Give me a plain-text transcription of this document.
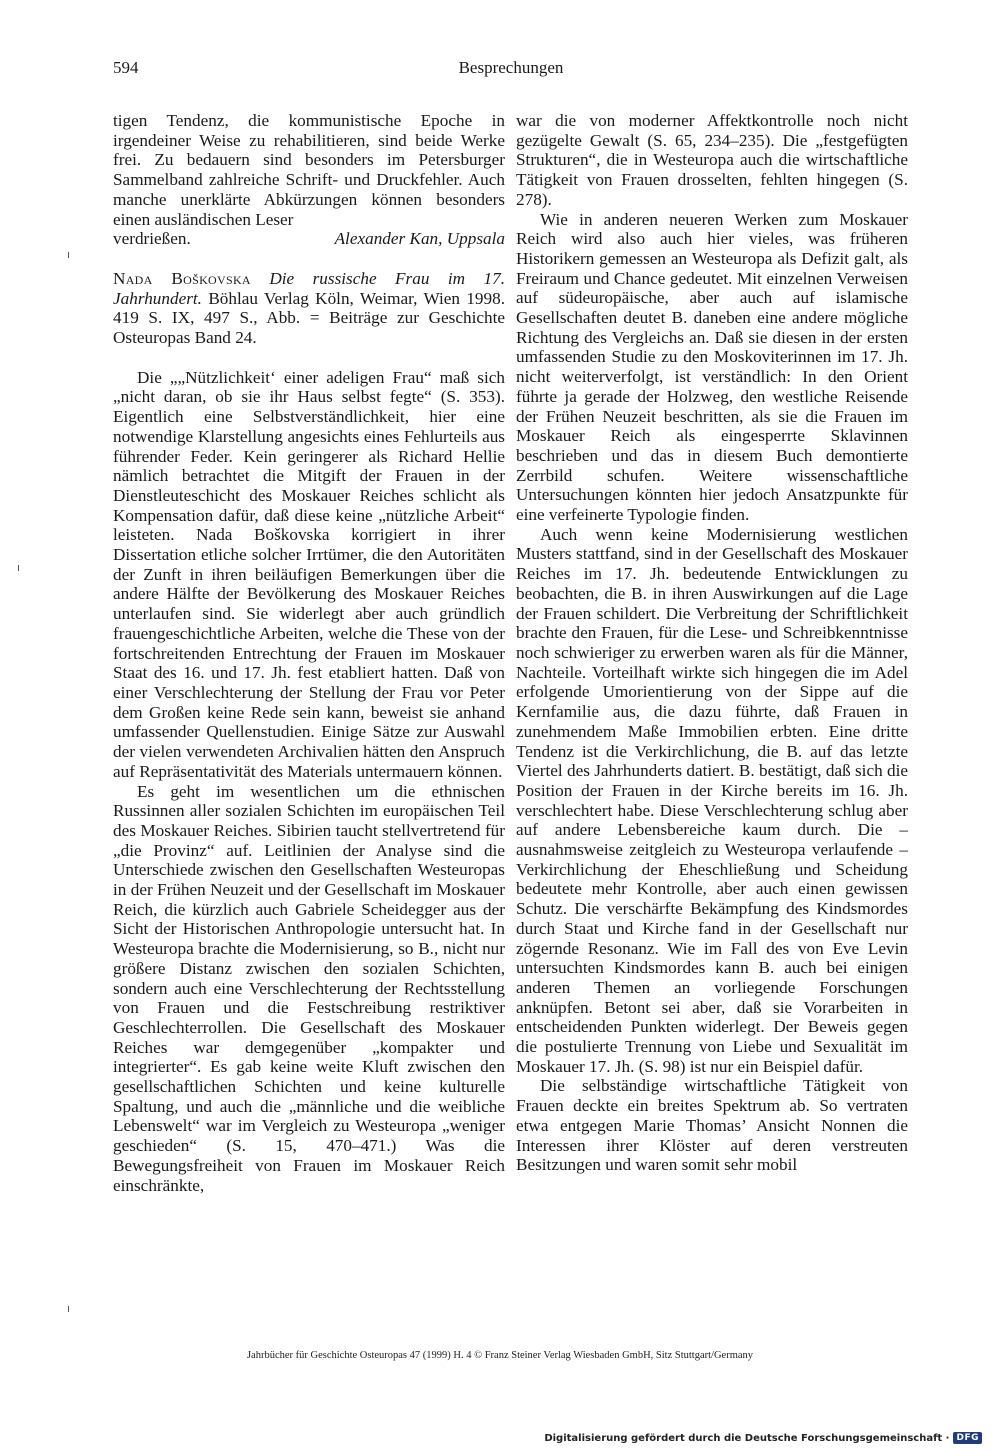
594	Besprechungen

tigen Tendenz, die kommunistische Epoche in irgendeiner Weise zu rehabilitieren, sind beide Werke frei. Zu bedauern sind besonders im Petersburger Sammelband zahlreiche Schrift- und Druckfehler. Auch manche unerklärte Abkürzungen können besonders einen ausländischen Leser

verdrießen.	Alexander Kan, Uppsala

Nada Boškovska Die russische Frau im 17. Jahrhundert. Böhlau Verlag Köln, Weimar, Wien 1998. 419 S. IX, 497 S., Abb. = Beiträge zur Geschichte Osteuropas Band 24.

Die „„Nützlichkeit‘ einer adeligen Frau“ maß sich „nicht daran, ob sie ihr Haus selbst fegte“ (S. 353). Eigentlich eine Selbstverständlichkeit, hier eine notwendige Klarstellung angesichts eines Fehlurteils aus führender Feder. Kein geringerer als Richard Hellie nämlich betrachtet die Mitgift der Frauen in der Dienstleuteschicht des Moskauer Reiches schlicht als Kompensation dafür, daß diese keine „nützliche Arbeit“ leisteten. Nada Boškovska korrigiert in ihrer Dissertation etliche solcher Irrtümer, die den Autoritäten der Zunft in ihren beiläufigen Bemerkungen über die andere Hälfte der Bevölkerung des Moskauer Reiches unterlaufen sind. Sie widerlegt aber auch gründlich frauengeschichtliche Arbeiten, welche die These von der fortschreitenden Entrechtung der Frauen im Moskauer Staat des 16. und 17. Jh. fest etabliert hatten. Daß von einer Verschlechterung der Stellung der Frau vor Peter dem Großen keine Rede sein kann, beweist sie anhand umfassender Quellenstudien. Einige Sätze zur Auswahl der vielen verwendeten Archivalien hätten den Anspruch auf Repräsentativität des Materials untermauern können.

Es geht im wesentlichen um die ethnischen Russinnen aller sozialen Schichten im europäischen Teil des Moskauer Reiches. Sibirien taucht stellvertretend für „die Provinz“ auf. Leitlinien der Analyse sind die Unterschiede zwischen den Gesellschaften Westeuropas in der Frühen Neuzeit und der Gesellschaft im Moskauer Reich, die kürzlich auch Gabriele Scheidegger aus der Sicht der Historischen Anthropologie untersucht hat. In Westeuropa brachte die Modernisierung, so B., nicht nur größere Distanz zwischen den sozialen Schichten, sondern auch eine Verschlechterung der Rechtsstellung von Frauen und die Festschreibung restriktiver Geschlechterrollen. Die Gesellschaft des Moskauer Reiches war demgegenüber „kompakter und integrierter“. Es gab keine weite Kluft zwischen den gesellschaftlichen Schichten und keine kulturelle Spaltung, und auch die „männliche und die weibliche Lebenswelt“ war im Vergleich zu Westeuropa „weniger geschieden“ (S. 15, 470–471.) Was die Bewegungsfreiheit von Frauen im Moskauer Reich einschränkte,

war die von moderner Affektkontrolle noch nicht gezügelte Gewalt (S. 65, 234–235). Die „festgefügten Strukturen“, die in Westeuropa auch die wirtschaftliche Tätigkeit von Frauen drosselten, fehlten hingegen (S. 278).

Wie in anderen neueren Werken zum Moskauer Reich wird also auch hier vieles, was früheren Historikern gemessen an Westeuropa als Defizit galt, als Freiraum und Chance gedeutet. Mit einzelnen Verweisen auf südeuropäische, aber auch auf islamische Gesellschaften deutet B. daneben eine andere mögliche Richtung des Vergleichs an. Daß sie diesen in der ersten umfassenden Studie zu den Moskoviterinnen im 17. Jh. nicht weiterverfolgt, ist verständlich: In den Orient führte ja gerade der Holzweg, den westliche Reisende der Frühen Neuzeit beschritten, als sie die Frauen im Moskauer Reich als eingesperrte Sklavinnen beschrieben und das in diesem Buch demontierte Zerrbild schufen. Weitere wissenschaftliche Untersuchungen könnten hier jedoch Ansatzpunkte für eine verfeinerte Typologie finden.

Auch wenn keine Modernisierung westlichen Musters stattfand, sind in der Gesellschaft des Moskauer Reiches im 17. Jh. bedeutende Entwicklungen zu beobachten, die B. in ihren Auswirkungen auf die Lage der Frauen schildert. Die Verbreitung der Schriftlichkeit brachte den Frauen, für die Lese- und Schreibkenntnisse noch schwieriger zu erwerben waren als für die Männer, Nachteile. Vorteilhaft wirkte sich hingegen die im Adel erfolgende Umorientierung von der Sippe auf die Kernfamilie aus, die dazu führte, daß Frauen in zunehmendem Maße Immobilien erbten. Eine dritte Tendenz ist die Verkirchlichung, die B. auf das letzte Viertel des Jahrhunderts datiert. B. bestätigt, daß sich die Position der Frauen in der Kirche bereits im 16. Jh. verschlechtert habe. Diese Verschlechterung schlug aber auf andere Lebensbereiche kaum durch. Die – ausnahmsweise zeitgleich zu Westeuropa verlaufende – Verkirchlichung der Eheschließung und Scheidung bedeutete mehr Kontrolle, aber auch einen gewissen Schutz. Die verschärfte Bekämpfung des Kindsmordes durch Staat und Kirche fand in der Gesellschaft nur zögernde Resonanz. Wie im Fall des von Eve Levin untersuchten Kindsmordes kann B. auch bei einigen anderen Themen an vorliegende Forschungen anknüpfen. Betont sei aber, daß sie Vorarbeiten in entscheidenden Punkten widerlegt. Der Beweis gegen die postulierte Trennung von Liebe und Sexualität im Moskauer 17. Jh. (S. 98) ist nur ein Beispiel dafür.

Die selbständige wirtschaftliche Tätigkeit von Frauen deckte ein breites Spektrum ab. So vertraten etwa entgegen Marie Thomas’ Ansicht Nonnen die Interessen ihrer Klöster auf deren verstreuten Besitzungen und waren somit sehr mobil

Jahrbücher für Geschichte Osteuropas 47 (1999) H. 4 © Franz Steiner Verlag Wiesbaden GmbH, Sitz Stuttgart/Germany
Digitalisierung gefördert durch die Deutsche Forschungsgemeinschaft · DFG
